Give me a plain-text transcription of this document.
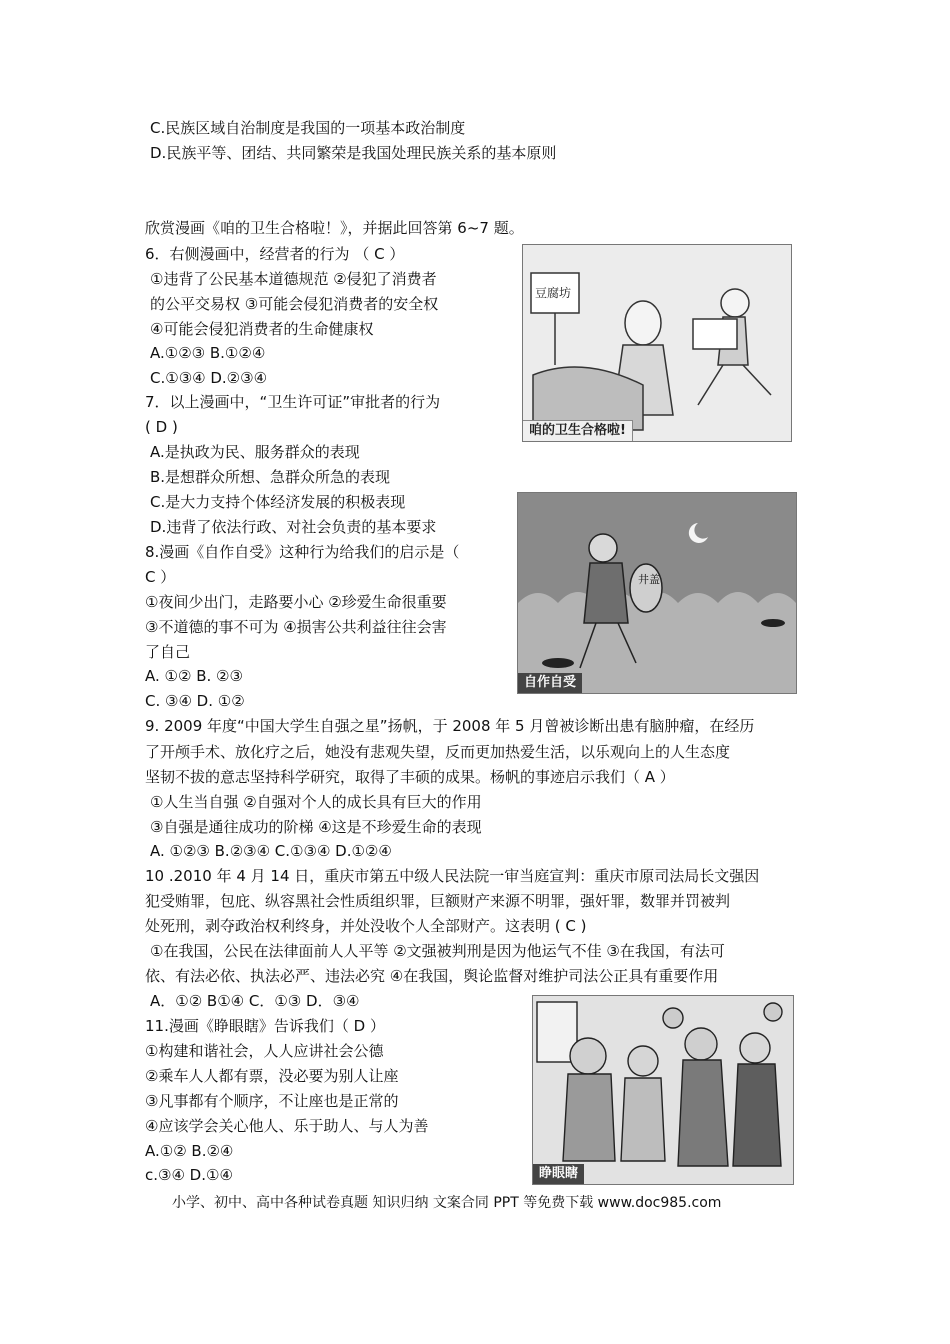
C.民族区域自治制度是我国的一项基本政治制度
D.民族平等、团结、共同繁荣是我国处理民族关系的基本原则
欣赏漫画《咱的卫生合格啦！》，并据此回答第 6~7 题。
6．右侧漫画中，经营者的行为 （ C ）
①违背了公民基本道德规范 ②侵犯了消费者
的公平交易权 ③可能会侵犯消费者的安全权
④可能会侵犯消费者的生命健康权
A.①②③ B.①②④
C.①③④ D.②③④
7．以上漫画中，“卫生许可证”审批者的行为
( D )
A.是执政为民、服务群众的表现
B.是想群众所想、急群众所急的表现
C.是大力支持个体经济发展的积极表现
D.违背了依法行政、对社会负责的基本要求
8.漫画《自作自受》这种行为给我们的启示是（
C ）
①夜间少出门，走路要小心 ②珍爱生命很重要
③不道德的事不可为 ④损害公共利益往往会害
了自己
A. ①② B. ②③
C. ③④ D. ①②
9. 2009 年度“中国大学生自强之星”扬帆，于 2008 年 5 月曾被诊断出患有脑肿瘤，在经历
了开颅手术、放化疗之后，她没有悲观失望，反而更加热爱生活，以乐观向上的人生态度
坚韧不拔的意志坚持科学研究，取得了丰硕的成果。杨帆的事迹启示我们（ A ）
①人生当自强 ②自强对个人的成长具有巨大的作用
③自强是通往成功的阶梯 ④这是不珍爱生命的表现
A. ①②③ B.②③④ C.①③④ D.①②④
10 .2010 年 4 月 14 日，重庆市第五中级人民法院一审当庭宣判：重庆市原司法局长文强因
犯受贿罪，包庇、纵容黑社会性质组织罪，巨额财产来源不明罪，强奸罪，数罪并罚被判
处死刑，剥夺政治权利终身，并处没收个人全部财产。这表明 ( C )
①在我国，公民在法律面前人人平等 ②文强被判刑是因为他运气不佳 ③在我国，有法可
依、有法必依、执法必严、违法必究 ④在我国，舆论监督对维护司法公正具有重要作用
A．①② B①④ C．①③ D．③④
11.漫画《睁眼瞎》告诉我们（ D ）
①构建和谐社会，人人应讲社会公德
②乘车人人都有票，没必要为别人让座
③凡事都有个顺序，不让座也是正常的
④应该学会关心他人、乐于助人、与人为善
A.①② B.②④
c.③④ D.①④
豆腐坊
咱的卫生合格啦!
井盖
自作自受
睁眼瞎
小学、初中、高中各种试卷真题 知识归纳 文案合同 PPT 等免费下载 www.doc985.com
